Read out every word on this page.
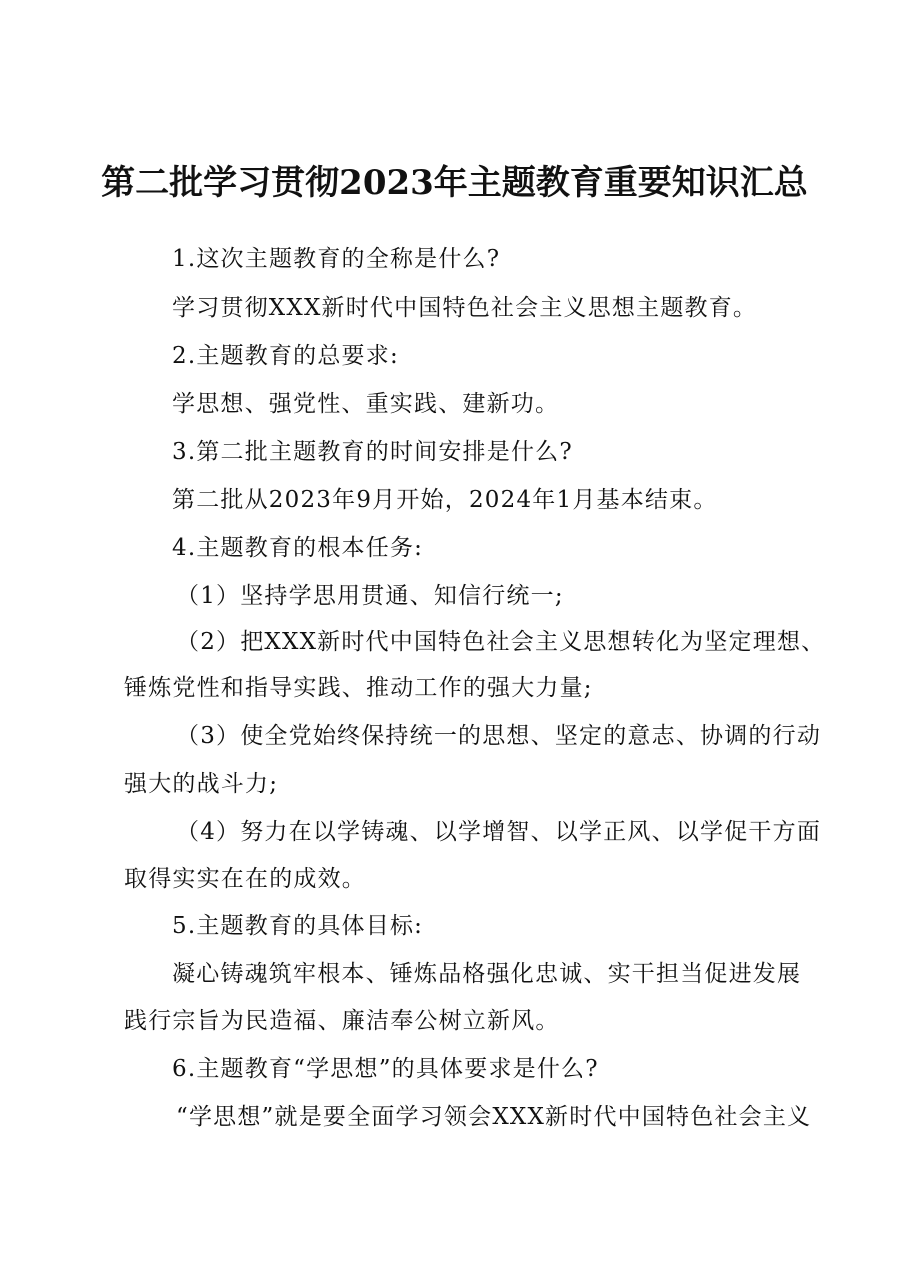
第二批学习贯彻2023年主题教育重要知识汇总
1.这次主题教育的全称是什么?
学习贯彻XXX新时代中国特色社会主义思想主题教育。
2.主题教育的总要求:
学思想、强党性、重实践、建新功。
3.第二批主题教育的时间安排是什么?
第二批从2023年9月开始，2024年1月基本结束。
4.主题教育的根本任务:
（1）坚持学思用贯通、知信行统一;
（2）把XXX新时代中国特色社会主义思想转化为坚定理想、
锤炼党性和指导实践、推动工作的强大力量;
（3）使全党始终保持统一的思想、坚定的意志、协调的行动
强大的战斗力;
（4）努力在以学铸魂、以学增智、以学正风、以学促干方面
取得实实在在的成效。
5.主题教育的具体目标:
凝心铸魂筑牢根本、锤炼品格强化忠诚、实干担当促进发展
践行宗旨为民造福、廉洁奉公树立新风。
6.主题教育“学思想”的具体要求是什么?
“学思想”就是要全面学习领会XXX新时代中国特色社会主义
